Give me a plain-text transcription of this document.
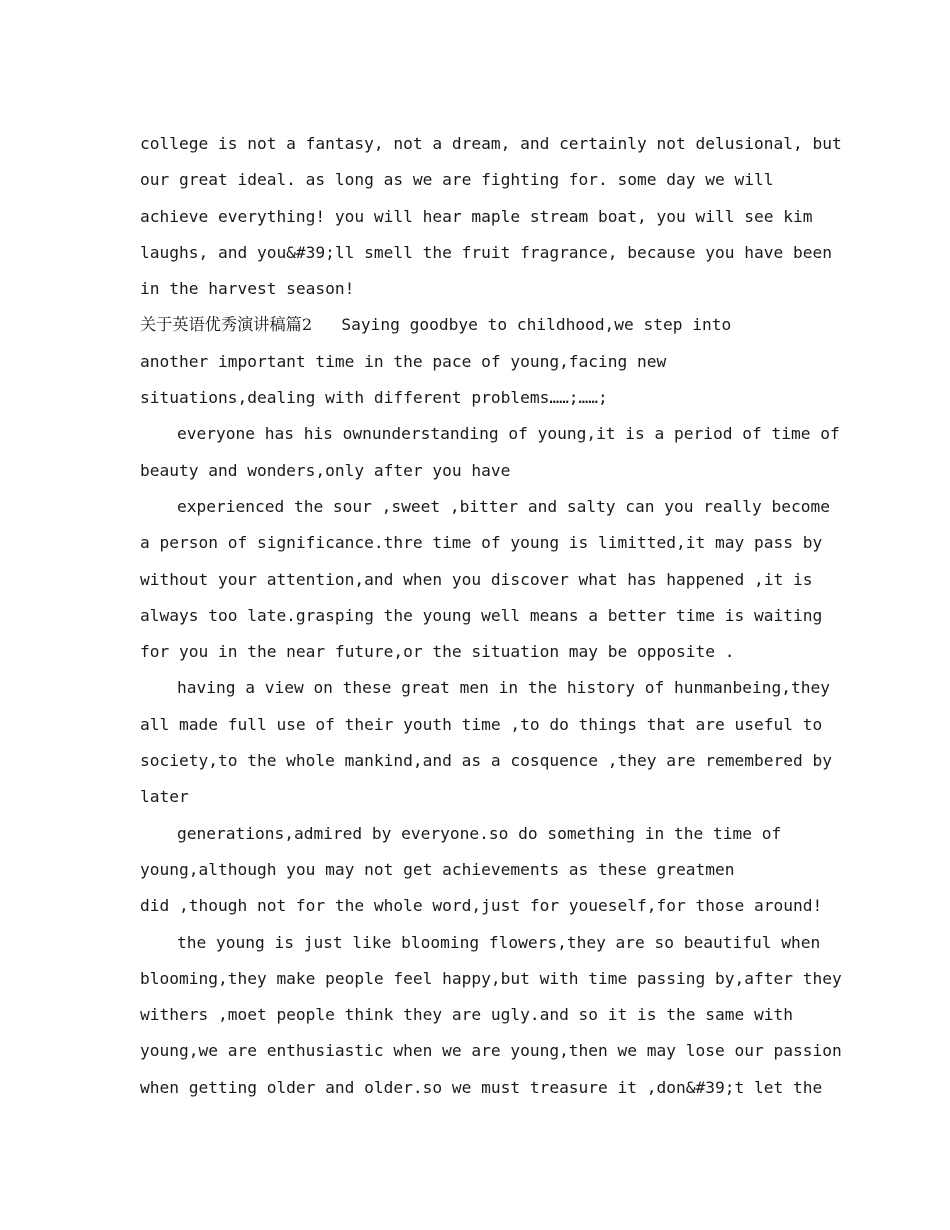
college is not a fantasy, not a dream, and certainly not delusional, but
our great ideal. as long as we are fighting for. some day we will
achieve everything! you will hear maple stream boat, you will see kim
laughs, and you&#39;ll smell the fruit fragrance, because you have been
in the harvest season!
关于英语优秀演讲稿篇2   Saying goodbye to childhood,we step into
another important time in the pace of young,facing new
situations,dealing with different problems……;……;
everyone has his ownunderstanding of young,it is a period of time of
beauty and wonders,only after you have
experienced the sour ,sweet ,bitter and salty can you really become
a person of significance.thre time of young is limitted,it may pass by
without your attention,and when you discover what has happened ,it is
always too late.grasping the young well means a better time is waiting
for you in the near future,or the situation may be opposite .
having a view on these great men in the history of hunmanbeing,they
all made full use of their youth time ,to do things that are useful to
society,to the whole mankind,and as a cosquence ,they are remembered by
later
generations,admired by everyone.so do something in the time of
young,although you may not get achievements as these greatmen
did ,though not for the whole word,just for youeself,for those around!
the young is just like blooming flowers,they are so beautiful when
blooming,they make people feel happy,but with time passing by,after they
withers ,moet people think they are ugly.and so it is the same with
young,we are enthusiastic when we are young,then we may lose our passion
when getting older and older.so we must treasure it ,don&#39;t let the
